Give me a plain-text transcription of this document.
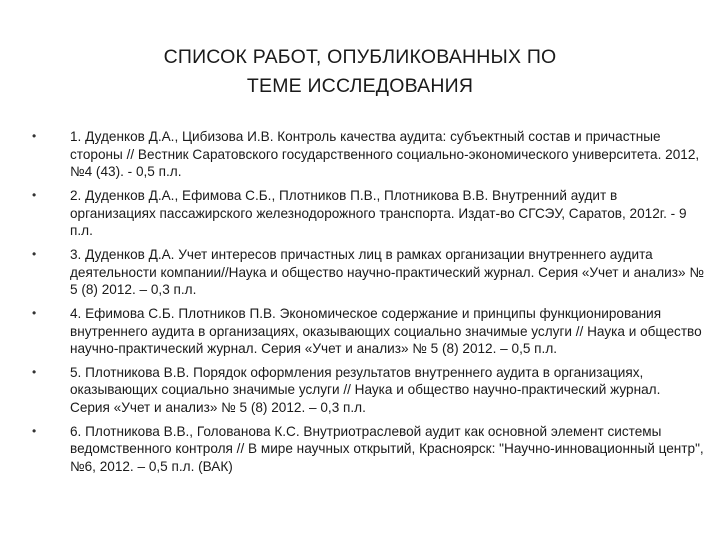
СПИСОК РАБОТ, ОПУБЛИКОВАННЫХ ПО
ТЕМЕ ИССЛЕДОВАНИЯ
•	1. Дуденков Д.А., Цибизова И.В. Контроль качества аудита: субъектный состав и причастные стороны // Вестник Саратовского государственного социально-экономического университета. 2012, №4 (43). - 0,5 п.л.
•	2. Дуденков Д.А., Ефимова С.Б., Плотников П.В., Плотникова В.В. Внутренний аудит в организациях пассажирского железнодорожного транспорта. Издат-во СГСЭУ, Саратов, 2012г. - 9 п.л.
•	3. Дуденков Д.А. Учет интересов причастных лиц в рамках организации внутреннего аудита деятельности компании//Наука и общество научно-практический журнал. Серия «Учет и анализ» № 5 (8) 2012. – 0,3 п.л.
•	4. Ефимова С.Б. Плотников П.В. Экономическое содержание и принципы функционирования внутреннего аудита в организациях, оказывающих социально значимые услуги // Наука и общество научно-практический журнал. Серия «Учет и анализ» № 5 (8) 2012. – 0,5 п.л.
•	5. Плотникова В.В. Порядок оформления результатов внутреннего аудита в организациях, оказывающих социально значимые услуги // Наука и общество научно-практический журнал. Серия «Учет и анализ» № 5 (8) 2012. – 0,3 п.л.
•	6. Плотникова В.В., Голованова К.С. Внутриотраслевой аудит как основной элемент системы ведомственного контроля // В мире научных открытий, Красноярск: "Научно-инновационный центр", №6, 2012. – 0,5 п.л. (ВАК)
